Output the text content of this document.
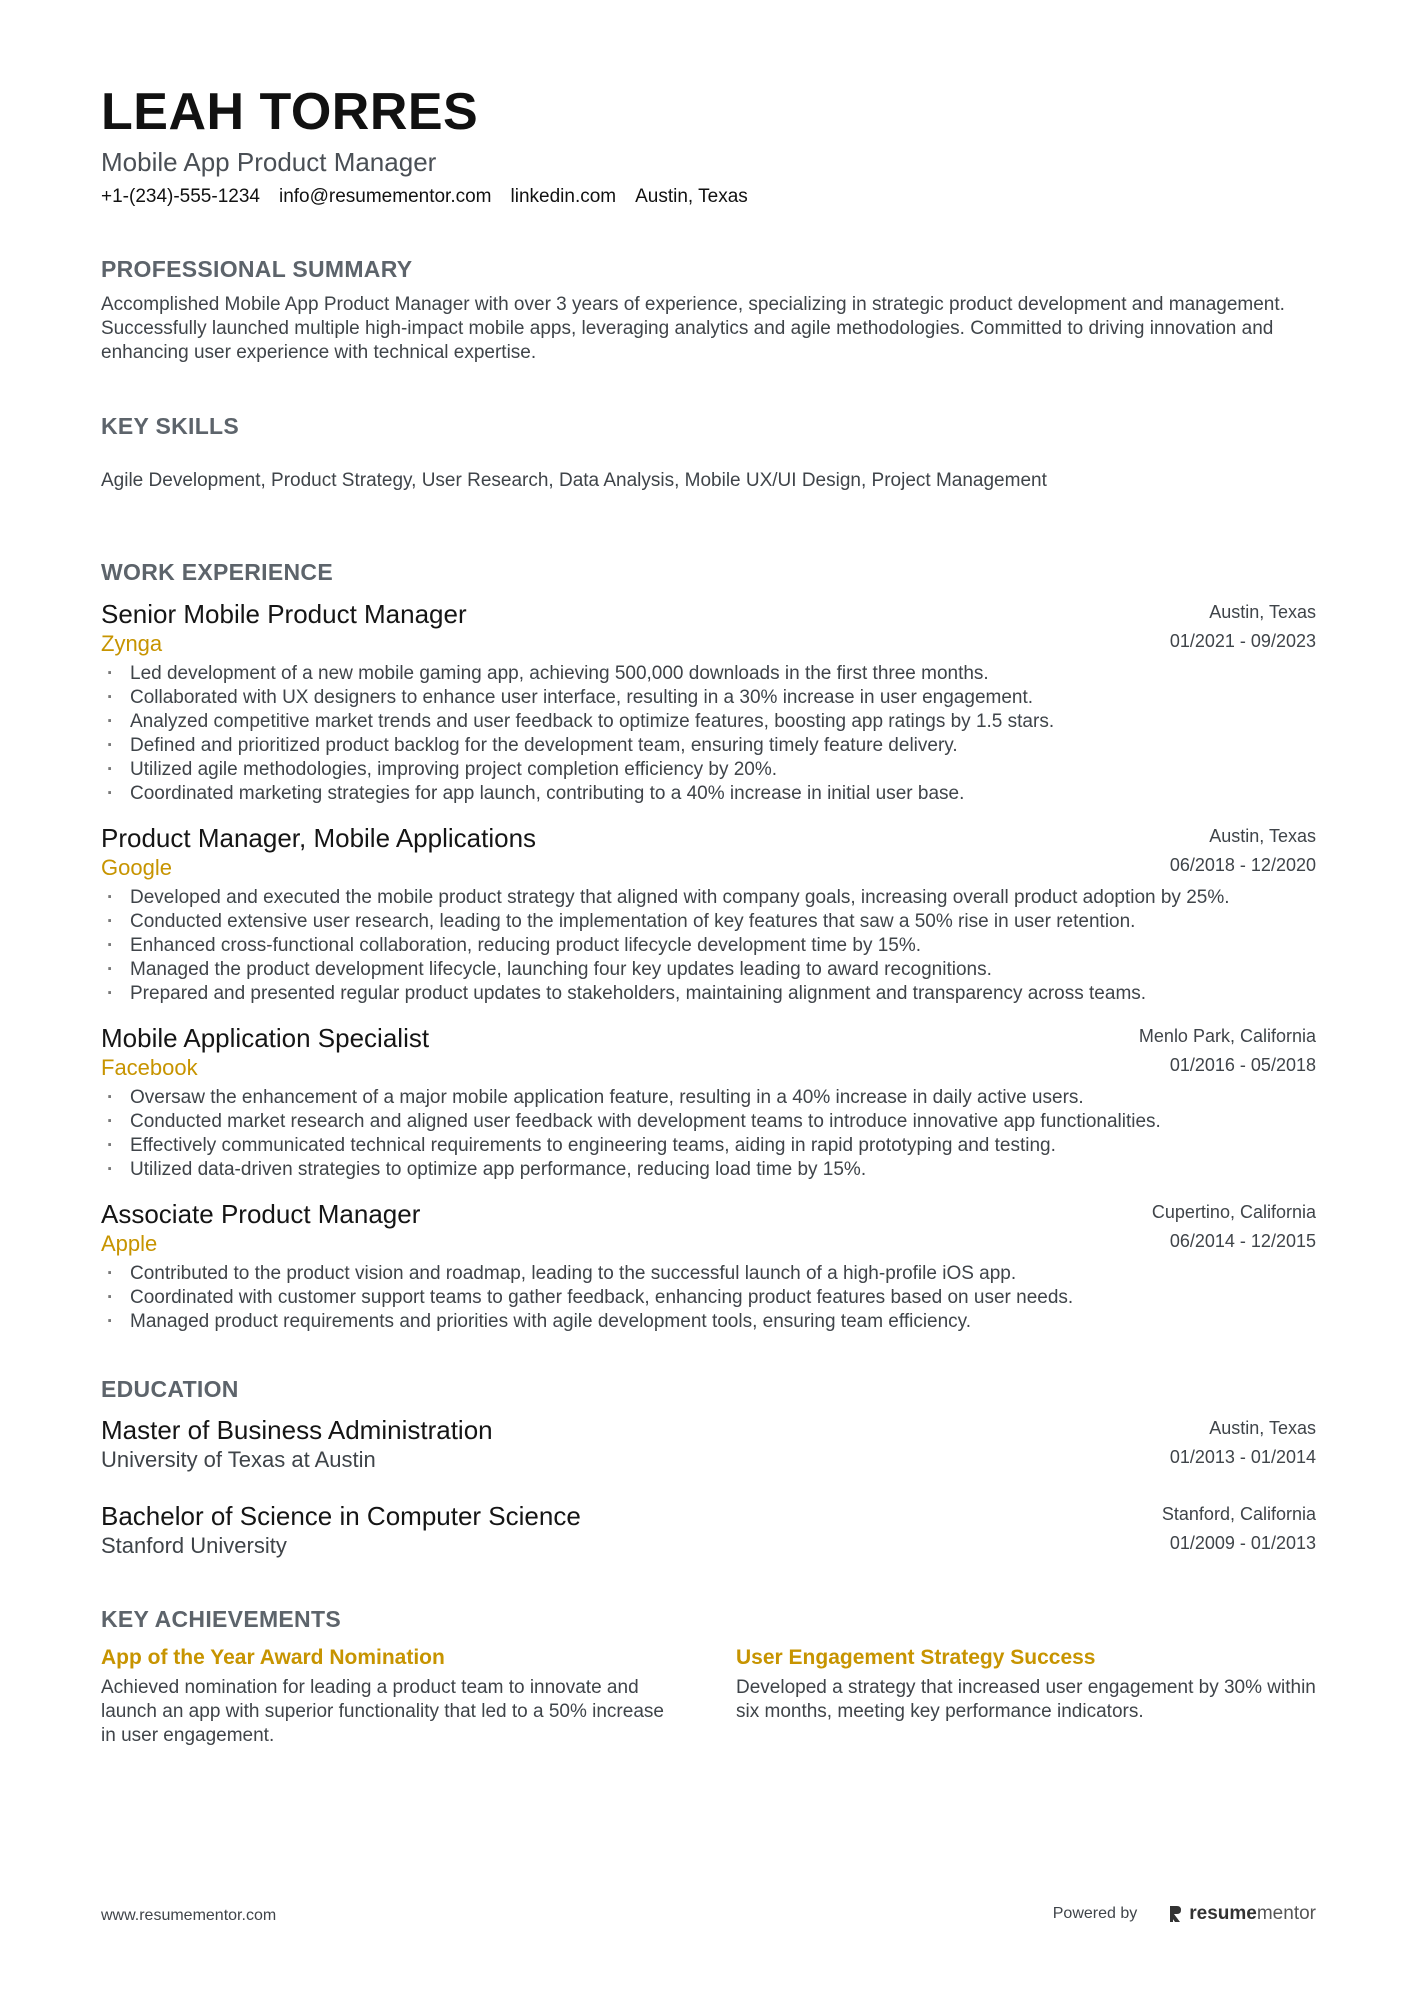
LEAH TORRES
Mobile App Product Manager
+1-(234)-555-1234 info@resumementor.com linkedin.com Austin, Texas
PROFESSIONAL SUMMARY
Accomplished Mobile App Product Manager with over 3 years of experience, specializing in strategic product development and management. Successfully launched multiple high-impact mobile apps, leveraging analytics and agile methodologies. Committed to driving innovation and enhancing user experience with technical expertise.
KEY SKILLS
Agile Development, Product Strategy, User Research, Data Analysis, Mobile UX/UI Design, Project Management
WORK EXPERIENCE
Senior Mobile Product Manager
Zynga
Austin, Texas
01/2021 - 09/2023
· Led development of a new mobile gaming app, achieving 500,000 downloads in the first three months.
· Collaborated with UX designers to enhance user interface, resulting in a 30% increase in user engagement.
· Analyzed competitive market trends and user feedback to optimize features, boosting app ratings by 1.5 stars.
· Defined and prioritized product backlog for the development team, ensuring timely feature delivery.
· Utilized agile methodologies, improving project completion efficiency by 20%.
· Coordinated marketing strategies for app launch, contributing to a 40% increase in initial user base.
Product Manager, Mobile Applications
Google
Austin, Texas
06/2018 - 12/2020
· Developed and executed the mobile product strategy that aligned with company goals, increasing overall product adoption by 25%.
· Conducted extensive user research, leading to the implementation of key features that saw a 50% rise in user retention.
· Enhanced cross-functional collaboration, reducing product lifecycle development time by 15%.
· Managed the product development lifecycle, launching four key updates leading to award recognitions.
· Prepared and presented regular product updates to stakeholders, maintaining alignment and transparency across teams.
Mobile Application Specialist
Facebook
Menlo Park, California
01/2016 - 05/2018
· Oversaw the enhancement of a major mobile application feature, resulting in a 40% increase in daily active users.
· Conducted market research and aligned user feedback with development teams to introduce innovative app functionalities.
· Effectively communicated technical requirements to engineering teams, aiding in rapid prototyping and testing.
· Utilized data-driven strategies to optimize app performance, reducing load time by 15%.
Associate Product Manager
Apple
Cupertino, California
06/2014 - 12/2015
· Contributed to the product vision and roadmap, leading to the successful launch of a high-profile iOS app.
· Coordinated with customer support teams to gather feedback, enhancing product features based on user needs.
· Managed product requirements and priorities with agile development tools, ensuring team efficiency.
EDUCATION
Master of Business Administration
University of Texas at Austin
Austin, Texas
01/2013 - 01/2014
Bachelor of Science in Computer Science
Stanford University
Stanford, California
01/2009 - 01/2013
KEY ACHIEVEMENTS
App of the Year Award Nomination
Achieved nomination for leading a product team to innovate and launch an app with superior functionality that led to a 50% increase in user engagement.
User Engagement Strategy Success
Developed a strategy that increased user engagement by 30% within six months, meeting key performance indicators.
www.resumementor.com	Powered by	resumementor
